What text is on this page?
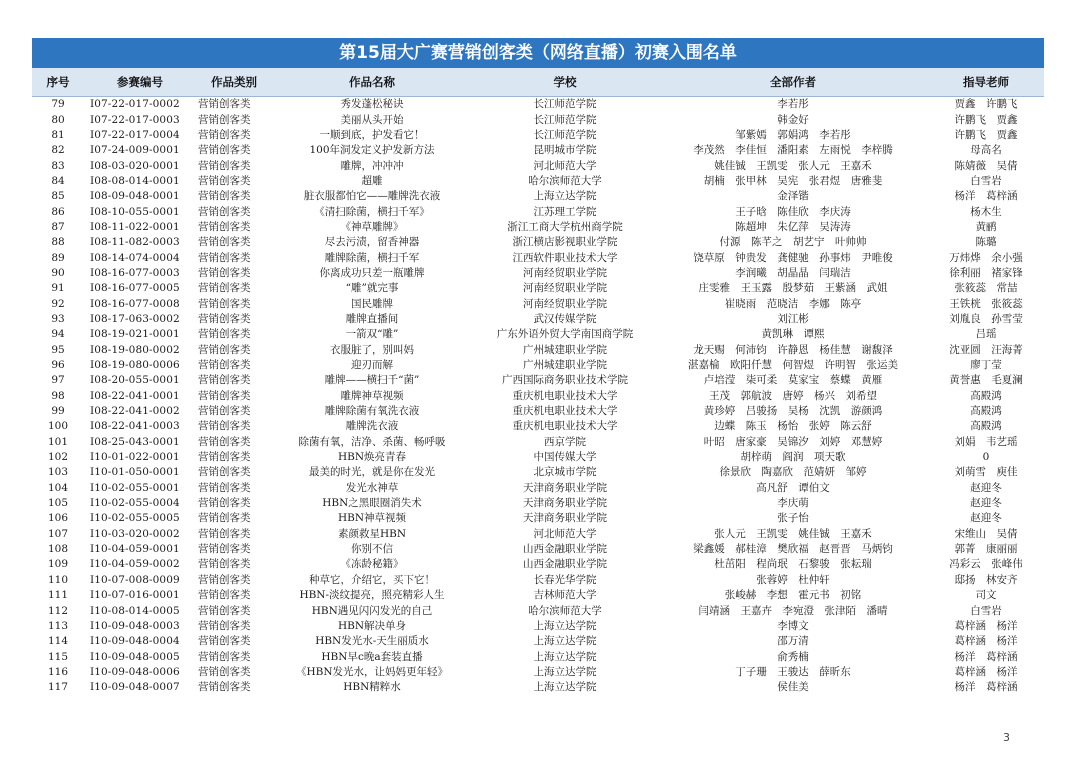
第15届大广赛营销创客类（网络直播）初赛入围名单
序号	参赛编号	作品类别	作品名称	学校	全部作者	指导老师
79	I07-22-017-0002	营销创客类	秀发蓬松秘诀	长江师范学院	李若彤	贾鑫　许鹏飞
80	I07-22-017-0003	营销创客类	美丽从头开始	长江师范学院	韩金好	许鹏飞　贾鑫
81	I07-22-017-0004	营销创客类	一顺到底，护发看它！	长江师范学院	邹紫嫣　郭娟鸿　李若彤	许鹏飞　贾鑫
82	I07-24-009-0001	营销创客类	100年洞发定义护发新方法	昆明城市学院	李茂然　李佳恒　潘阳素　左雨悦　李梓腾	母高名
83	I08-03-020-0001	营销创客类	雕牌，冲冲冲	河北师范大学	姚佳铖　王凯雯　张人元　王嘉禾	陈婧薇　吴倩
84	I08-08-014-0001	营销创客类	超雕	哈尔滨师范大学	胡楠　张甲林　吴宪　张君煜　唐雅斐	白雪岩
85	I08-09-048-0001	营销创客类	脏衣服都怕它——雕牌洗衣液	上海立达学院	金泽锴	杨洋　葛梓涵
86	I08-10-055-0001	营销创客类	《清扫除菌，横扫千军》	江苏理工学院	王子晗　陈佳欣　李庆涛	杨木生
87	I08-11-022-0001	营销创客类	《神草雕牌》	浙江工商大学杭州商学院	陈超坤　朱亿萍　吴涛涛	黄鹂
88	I08-11-082-0003	营销创客类	尽去污渍，留香神器	浙江横店影视职业学院	付源　陈芊之　胡艺宁　叶帅帅	陈璐
89	I08-14-074-0004	营销创客类	雕牌除菌，横扫千军	江西软件职业技术大学	饶草原　钟贵发　龚健驰　孙事炜　尹唯俊	万炜烨　余小强
90	I08-16-077-0003	营销创客类	你离成功只差一瓶雕牌	河南经贸职业学院	李润曦　胡晶晶　闫瑞洁	徐利丽　褚家锋
91	I08-16-077-0005	营销创客类	“雕”就完事	河南经贸职业学院	庄雯雅　王玉露　殷梦茹　王紫涵　武姐	张筱蕊　常喆
92	I08-16-077-0008	营销创客类	国民雕牌	河南经贸职业学院	崔晓雨　范晓洁　李娜　陈亭	王铁桄　张筱蕊
93	I08-17-063-0002	营销创客类	雕牌直播间	武汉传媒学院	刘江彬	刘胤良　孙雪莹
94	I08-19-021-0001	营销创客类	一箭双“雕”	广东外语外贸大学南国商学院	黄凯琳　谭熙	吕瑶
95	I08-19-080-0002	营销创客类	衣服脏了，别叫妈	广州城建职业学院	龙天赐　何沛钧　许静恩　杨佳慧　谢馥泽	沈亚圆　汪海菁
96	I08-19-080-0006	营销创客类	迎刃而解	广州城建职业学院	湛嘉棆　欧阳仟慧　何智煜　许明智　张运美	廖丁莹
97	I08-20-055-0001	营销创客类	雕牌——横扫千“菌”	广西国际商务职业技术学院	卢培滢　柒可柔　莫家宝　蔡蝶　黄雁	黄誉惠　毛夏澜
98	I08-22-041-0001	营销创客类	雕牌神草视频	重庆机电职业技术大学	王茂　郭航波　唐婷　杨兴　刘希望	高殿鸿
99	I08-22-041-0002	营销创客类	雕牌除菌有氧洗衣液	重庆机电职业技术大学	黄珍婷　吕骏扬　吴杨　沈凯　游颜鸿	高殿鸿
100	I08-22-041-0003	营销创客类	雕牌洗衣液	重庆机电职业技术大学	边蝶　陈玉　杨怡　张婷　陈云舒	高殿鸿
101	I08-25-043-0001	营销创客类	除菌有氧，洁净、杀菌、畅呼吸	西京学院	叶昭　唐家豪　吴锦汐　刘婷　邓慧婷	刘娟　韦艺瑶
102	I10-01-022-0001	营销创客类	HBN焕亮青春	中国传媒大学	胡梓萌　阎润　项天歌	0
103	I10-01-050-0001	营销创客类	最美的时光，就是你在发光	北京城市学院	徐景欣　陶嘉欣　范婧妍　邹婷	刘萌雪　庾佳
104	I10-02-055-0001	营销创客类	发光水神草	天津商务职业学院	高凡舒　谭伯文	赵迎冬
105	I10-02-055-0004	营销创客类	HBN之黑眼圈消失术	天津商务职业学院	李庆萌	赵迎冬
106	I10-02-055-0005	营销创客类	HBN神草视频	天津商务职业学院	张子怡	赵迎冬
107	I10-03-020-0002	营销创客类	素颜救星HBN	河北师范大学	张人元　王凯雯　姚佳铖　王嘉禾	宋维山　吴倩
108	I10-04-059-0001	营销创客类	你别不信	山西金融职业学院	梁鑫媛　郝桂漳　樊欣福　赵晋晋　马炳钧	郭菁　康丽丽
109	I10-04-059-0002	营销创客类	《冻龄秘籍》	山西金融职业学院	杜茁阳　程尚珉　石黎骏　张耘瑞	冯彩云　张峰伟
110	I10-07-008-0009	营销创客类	种草它，介绍它，买下它！	长春光华学院	张蓉婷　杜仲轩	邸扬　林安齐
111	I10-07-016-0001	营销创客类	HBN-淡纹提亮，照亮精彩人生	吉林师范大学	张峻赫　李想　霍元书　初铭	司文
112	I10-08-014-0005	营销创客类	HBN遇见闪闪发光的自己	哈尔滨师范大学	闫靖涵　王嘉卉　李宛澄　张津陌　潘晴	白雪岩
113	I10-09-048-0003	营销创客类	HBN解决单身	上海立达学院	李博文	葛梓涵　杨洋
114	I10-09-048-0004	营销创客类	HBN发光水-天生丽质水	上海立达学院	邵万清	葛梓涵　杨洋
115	I10-09-048-0005	营销创客类	HBN早c晚a套装直播	上海立达学院	俞秀楠	杨洋　葛梓涵
116	I10-09-048-0006	营销创客类	《HBN发光水，让妈妈更年轻》	上海立达学院	丁子珊　王骏达　薛昕东	葛梓涵　杨洋
117	I10-09-048-0007	营销创客类	HBN精粹水	上海立达学院	侯佳美	杨洋　葛梓涵
3
